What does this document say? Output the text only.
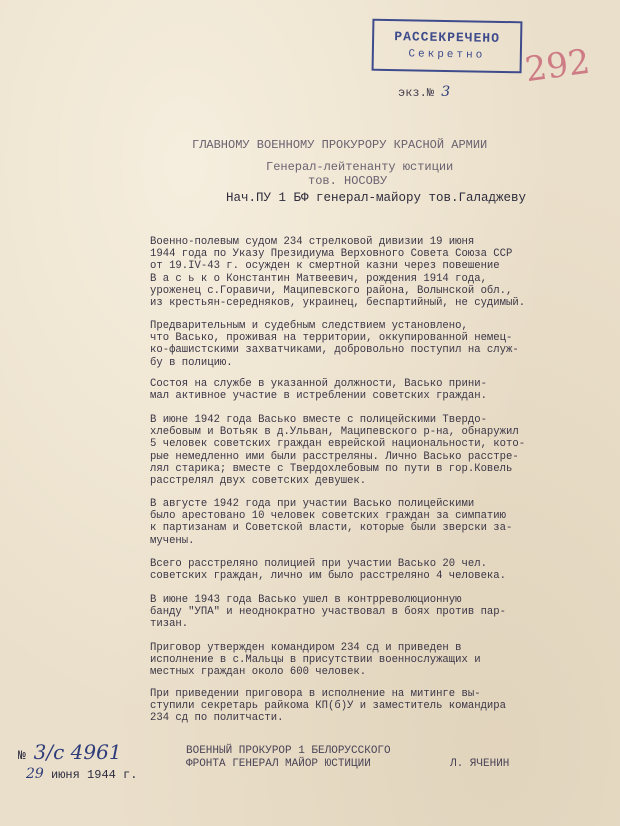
РАССЕКРЕЧЕНО
Секретно	292
экз.№ 3
ГЛАВНОМУ ВОЕННОМУ ПРОКУРОРУ КРАСНОЙ АРМИИ
Генерал-лейтенанту юстиции
тов. НОСОВУ
Нач.ПУ 1 БФ генерал-майору тов.Галаджеву
Военно-полевым судом 234 стрелковой дивизии 19 июня
1944 года по Указу Президиума Верховного Совета Союза ССР
от 19.IV-43 г. осужден к смертной казни через повешение
В а с ь к о Константин Матвеевич, рождения 1914 года,
уроженец с.Горавичи, Маципевского района, Волынской обл.,
из крестьян-середняков, украинец, беспартийный, не судимый.
Предварительным и судебным следствием установлено,
что Васько, проживая на территории, оккупированной немец-
ко-фашистскими захватчиками, добровольно поступил на служ-
бу в полицию.
Состоя на службе в указанной должности, Васько прини-
мал активное участие в истреблении советских граждан.
В июне 1942 года Васько вместе с полицейскими Твердо-
хлебовым и Вотьяк в д.Ульван, Маципевского р-на, обнаружил
5 человек советских граждан еврейской национальности, кото-
рые немедленно ими были расстреляны. Лично Васько расстре-
лял старика; вместе с Твердохлебовым по пути в гор.Ковель
расстрелял двух советских девушек.
В августе 1942 года при участии Васько полицейскими
было арестовано 10 человек советских граждан за симпатию
к партизанам и Советской власти, которые были зверски за-
мучены.
Всего расстреляно полицией при участии Васько 20 чел.
советских граждан, лично им было расстреляно 4 человека.
В июне 1943 года Васько ушел в контрреволюционную
банду "УПА" и неоднократно участвовал в боях против пар-
тизан.
Приговор утвержден командиром 234 сд и приведен в
исполнение в с.Мальцы в присутствии военнослужащих и
местных граждан около 600 человек.
При приведении приговора в исполнение на митинге вы-
ступили секретарь райкома КП(б)У и заместитель командира
234 сд по политчасти.
№ 3/с 4961
29 июня 1944 г.
ВОЕННЫЙ ПРОКУРОР 1 БЕЛОРУССКОГО
ФРОНТА ГЕНЕРАЛ МАЙОР ЮСТИЦИИ	Л. ЯЧЕНИН
